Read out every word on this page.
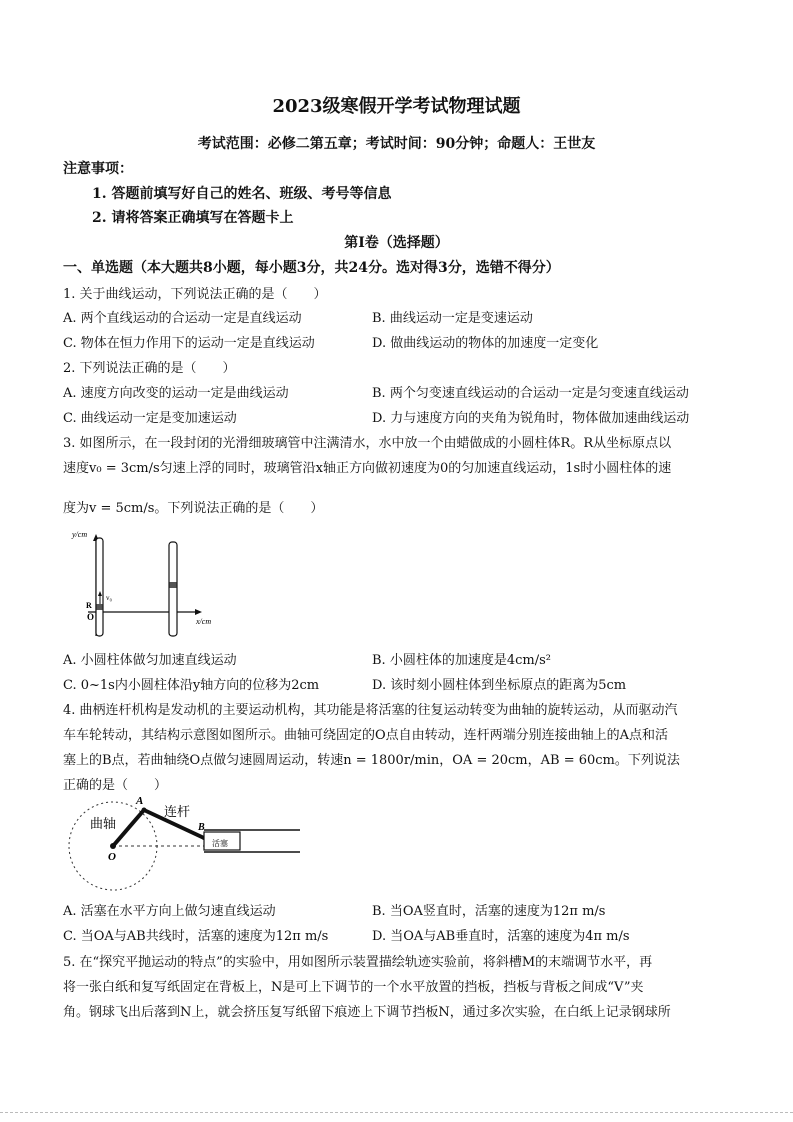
2023级寒假开学考试物理试题
考试范围：必修二第五章；考试时间：90分钟；命题人：王世友
注意事项：
1. 答题前填写好自己的姓名、班级、考号等信息
2. 请将答案正确填写在答题卡上
第Ⅰ卷（选择题）
一、单选题（本大题共8小题，每小题3分，共24分。选对得3分，选错不得分）
1. 关于曲线运动，下列说法正确的是（　　）
A. 两个直线运动的合运动一定是直线运动	B. 曲线运动一定是变速运动
C. 物体在恒力作用下的运动一定是直线运动	D. 做曲线运动的物体的加速度一定变化
2. 下列说法正确的是（　　）
A. 速度方向改变的运动一定是曲线运动	B. 两个匀变速直线运动的合运动一定是匀变速直线运动
C. 曲线运动一定是变加速运动	D. 力与速度方向的夹角为锐角时，物体做加速曲线运动
3. 如图所示，在一段封闭的光滑细玻璃管中注满清水，水中放一个由蜡做成的小圆柱体R。R从坐标原点以
速度v₀ = 3cm/s匀速上浮的同时，玻璃管沿x轴正方向做初速度为0的匀加速直线运动，1s时小圆柱体的速
度为v = 5cm/s。下列说法正确的是（　　）
y/cm
x/cm
O
R
v₀
A. 小圆柱体做匀加速直线运动	B. 小圆柱体的加速度是4cm/s²
C. 0~1s内小圆柱体沿y轴方向的位移为2cm	D. 该时刻小圆柱体到坐标原点的距离为5cm
4. 曲柄连杆机构是发动机的主要运动机构，其功能是将活塞的往复运动转变为曲轴的旋转运动，从而驱动汽
车车轮转动，其结构示意图如图所示。曲轴可绕固定的O点自由转动，连杆两端分别连接曲轴上的A点和活
塞上的B点，若曲轴绕O点做匀速圆周运动，转速n = 1800r/min，OA = 20cm，AB = 60cm。下列说法
正确的是（　　）
A
B
O
曲轴
连杆
活塞
A. 活塞在水平方向上做匀速直线运动	B. 当OA竖直时，活塞的速度为12π m/s
C. 当OA与AB共线时，活塞的速度为12π m/s	D. 当OA与AB垂直时，活塞的速度为4π m/s
5. 在“探究平抛运动的特点”的实验中，用如图所示装置描绘轨迹实验前，将斜槽M的末端调节水平，再
将一张白纸和复写纸固定在背板上，N是可上下调节的一个水平放置的挡板，挡板与背板之间成“V”夹
角。钢球飞出后落到N上，就会挤压复写纸留下痕迹上下调节挡板N，通过多次实验，在白纸上记录钢球所
